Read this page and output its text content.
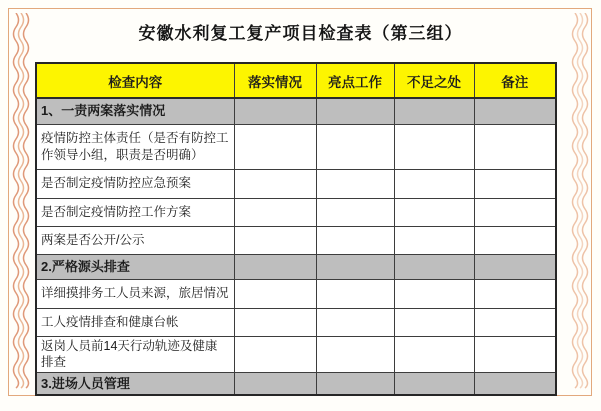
安徽水利复工复产项目检查表（第三组）
检查内容	落实情况	亮点工作	不足之处	备注
1、一责两案落实情况				
疫情防控主体责任（是否有防控工作领导小组，职责是否明确）				
是否制定疫情防控应急预案				
是否制定疫情防控工作方案				
两案是否公开/公示				
2.严格源头排查				
详细摸排务工人员来源，旅居情况				
工人疫情排查和健康台帐				
返岗人员前14天行动轨迹及健康排查				
3.进场人员管理				
